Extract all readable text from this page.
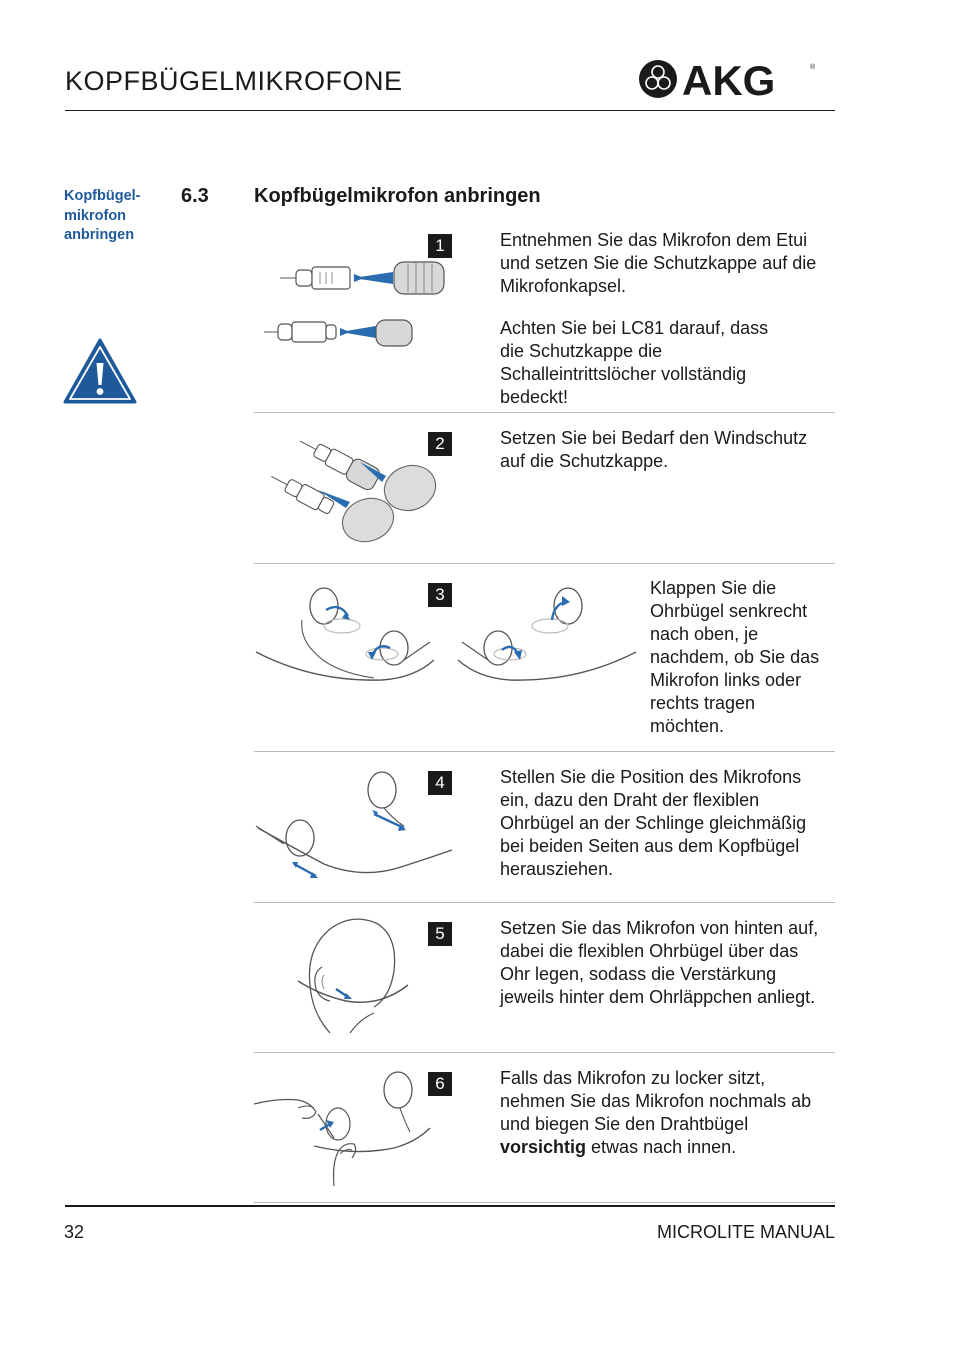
KOPFBÜGELMIKROFONE	AKG	®
Kopfbügel-
mikrofon
anbringen
6.3 Kopfbügelmikrofon anbringen
1	Entnehmen Sie das Mikrofon dem Etui und setzen Sie die Schutzkappe auf die Mikrofonkapsel.
Achten Sie bei LC81 darauf, dass die Schutzkappe die Schalleintrittslöcher vollständig bedeckt!
2	Setzen Sie bei Bedarf den Windschutz auf die Schutzkappe.
3	Klappen Sie die Ohrbügel senkrecht nach oben, je nachdem, ob Sie das Mikrofon links oder rechts tragen möchten.
4	Stellen Sie die Position des Mikrofons ein, dazu den Draht der flexiblen Ohrbügel an der Schlinge gleichmäßig bei beiden Seiten aus dem Kopfbügel herausziehen.
5	Setzen Sie das Mikrofon von hinten auf, dabei die flexiblen Ohrbügel über das Ohr legen, sodass die Verstärkung jeweils hinter dem Ohrläppchen anliegt.
6	Falls das Mikrofon zu locker sitzt, nehmen Sie das Mikrofon nochmals ab und biegen Sie den Drahtbügel vorsichtig etwas nach innen.
32	MICROLITE MANUAL
